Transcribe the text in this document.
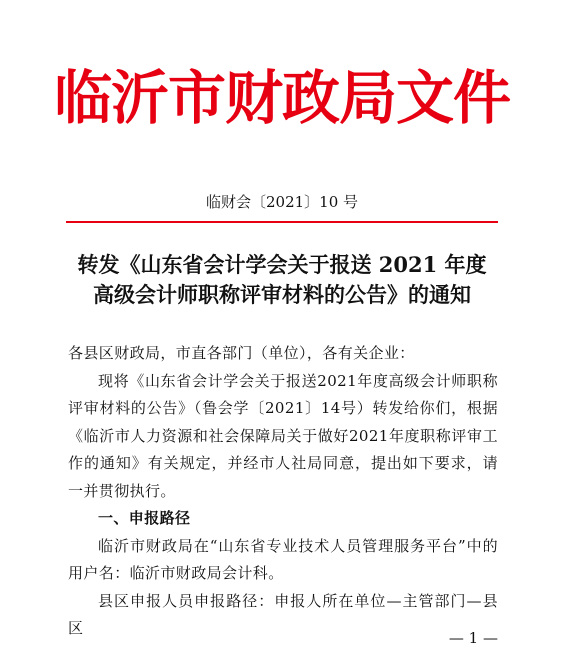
临沂市财政局文件
临财会〔2021〕10 号
转发《山东省会计学会关于报送 2021 年度
高级会计师职称评审材料的公告》的通知

各县区财政局，市直各部门（单位），各有关企业：

现将《山东省会计学会关于报送2021年度高级会计师职称评审材料的公告》（鲁会学〔2021〕14号）转发给你们，根据《临沂市人力资源和社会保障局关于做好2021年度职称评审工作的通知》有关规定，并经市人社局同意，提出如下要求，请一并贯彻执行。

一、申报路径

临沂市财政局在“山东省专业技术人员管理服务平台”中的用户名：临沂市财政局会计科。

县区申报人员申报路径：申报人所在单位—主管部门—县区

— 1 —
